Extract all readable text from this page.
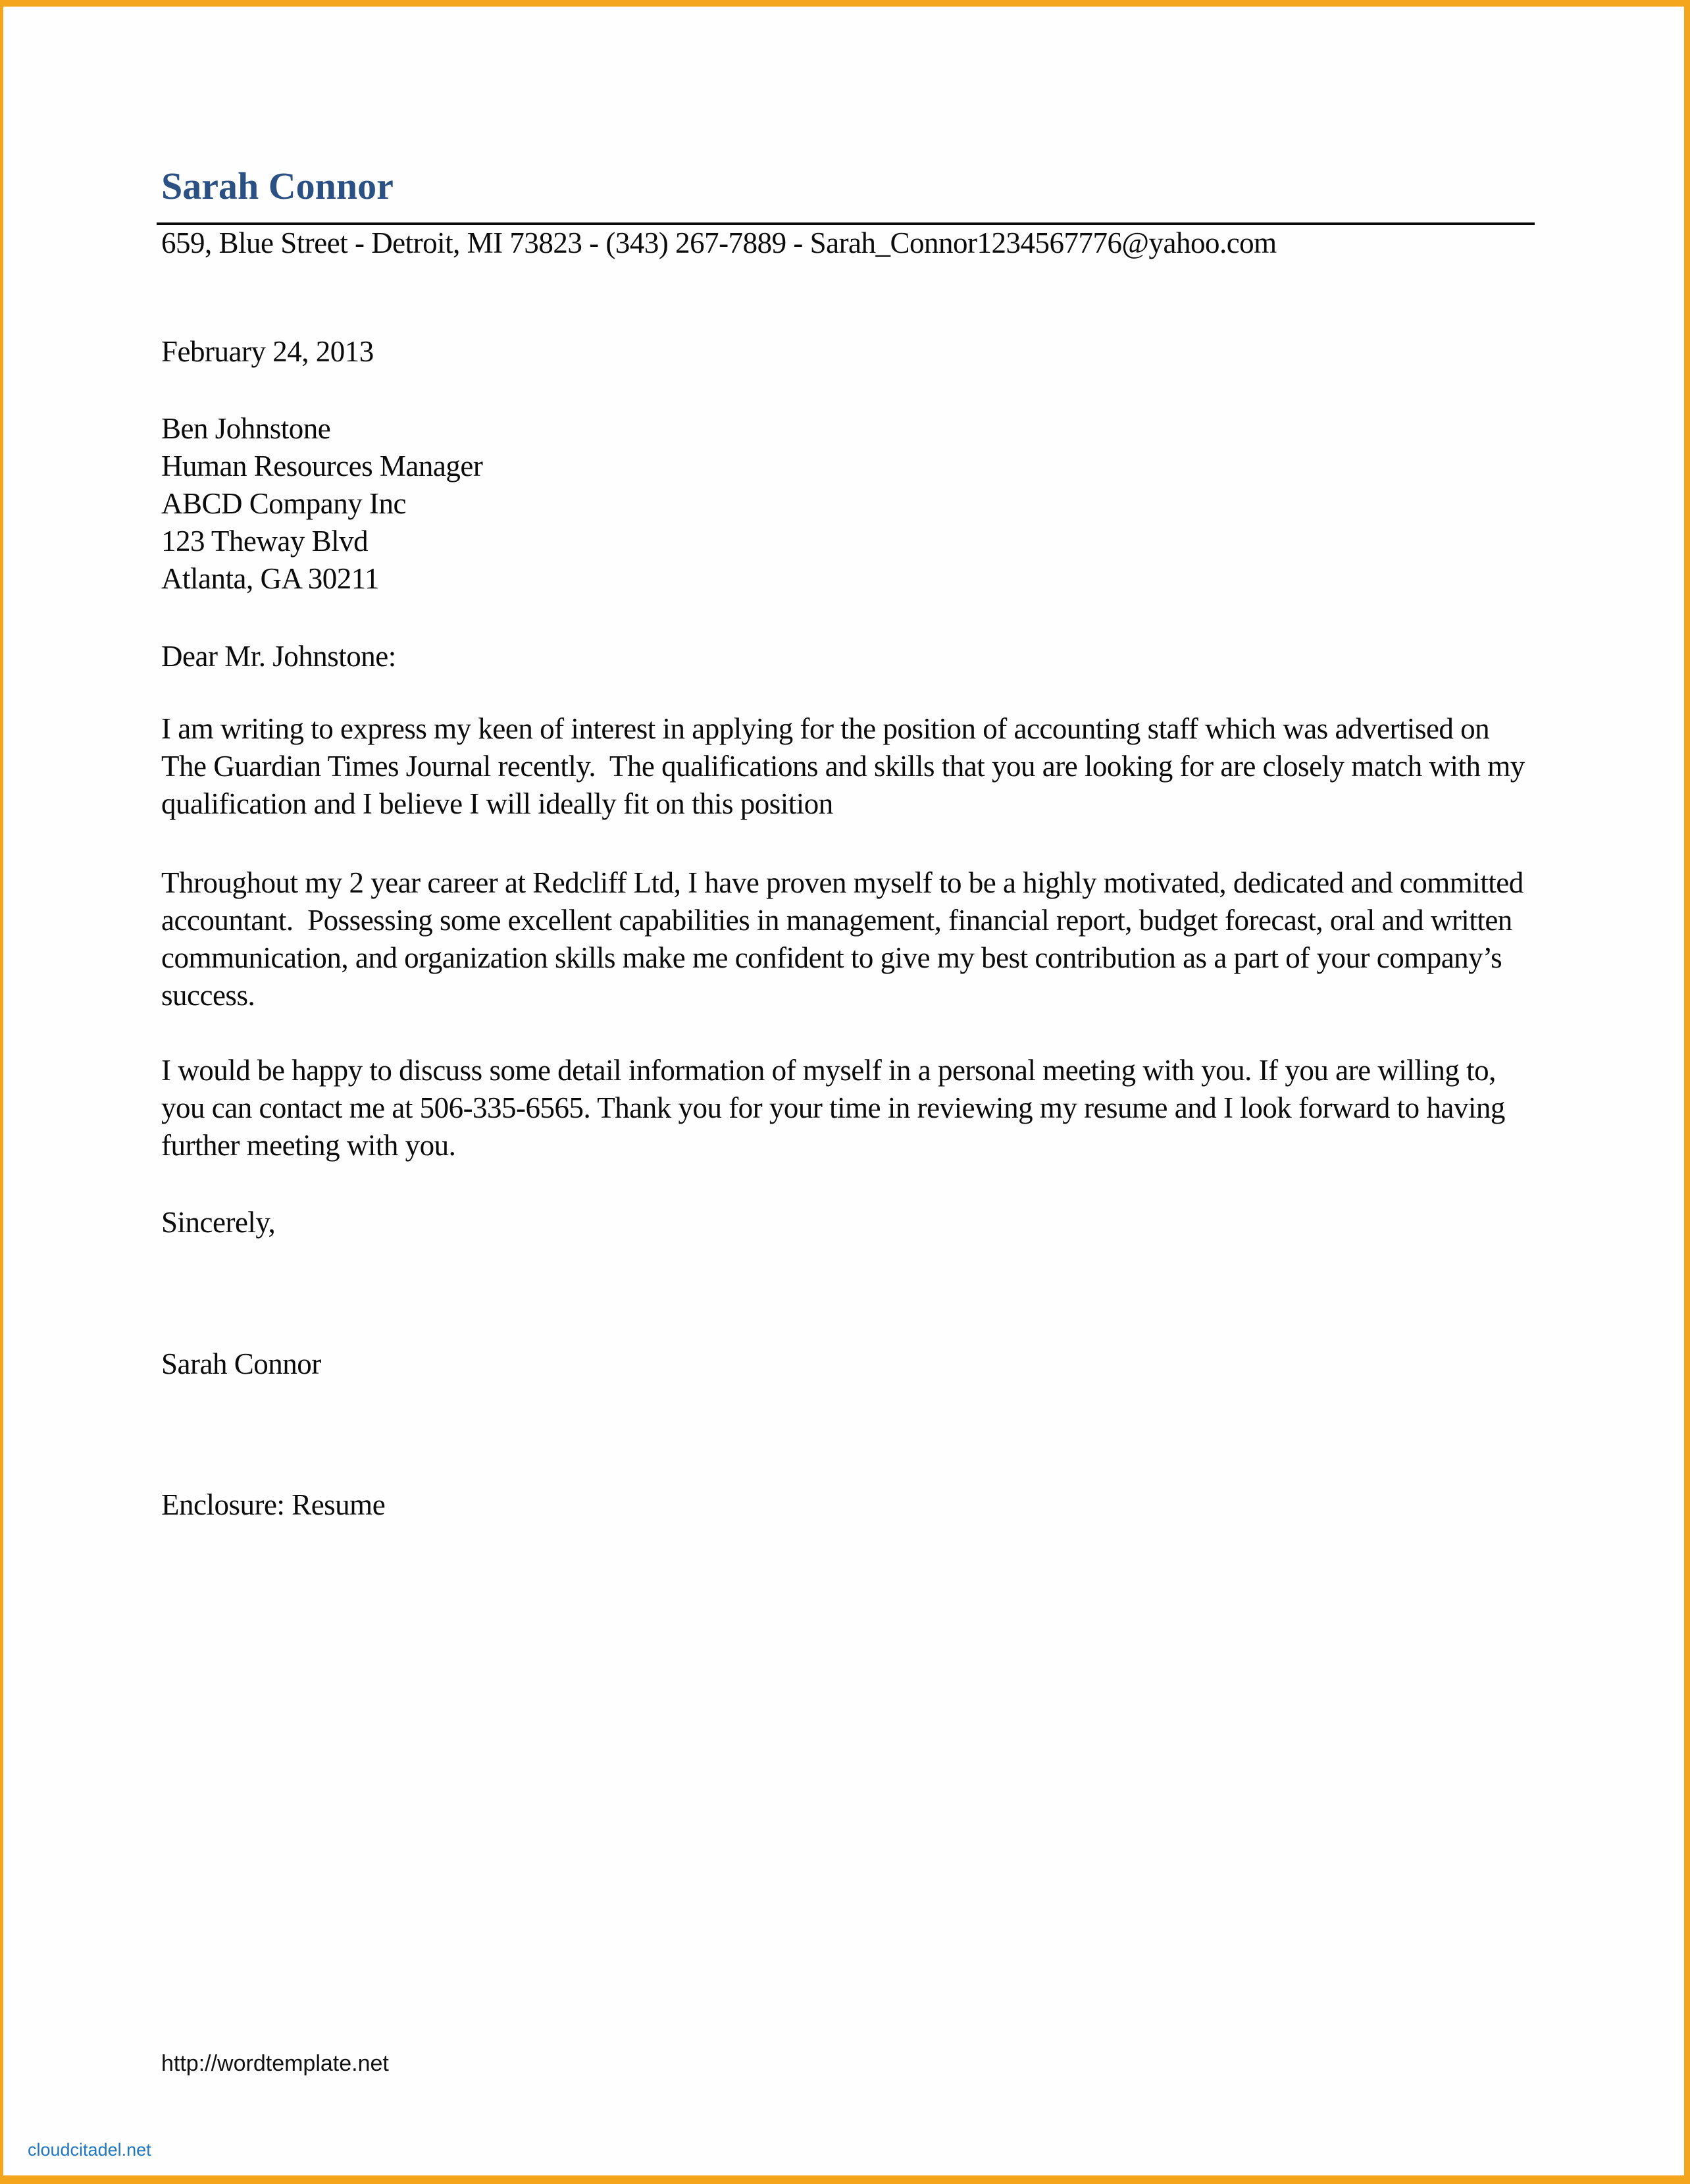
Sarah Connor
659, Blue Street - Detroit, MI 73823 - (343) 267-7889 - Sarah_Connor1234567776@yahoo.com
February 24, 2013
Ben Johnstone
Human Resources Manager
ABCD Company Inc
123 Theway Blvd
Atlanta, GA 30211
Dear Mr. Johnstone:
I am writing to express my keen of interest in applying for the position of accounting staff which was advertised on The Guardian Times Journal recently.  The qualifications and skills that you are looking for are closely match with my qualification and I believe I will ideally fit on this position
Throughout my 2 year career at Redcliff Ltd, I have proven myself to be a highly motivated, dedicated and committed accountant.  Possessing some excellent capabilities in management, financial report, budget forecast, oral and written communication, and organization skills make me confident to give my best contribution as a part of your company’s success.
I would be happy to discuss some detail information of myself in a personal meeting with you. If you are willing to, you can contact me at 506-335-6565. Thank you for your time in reviewing my resume and I look forward to having further meeting with you.
Sincerely,
Sarah Connor
Enclosure: Resume
http://wordtemplate.net
cloudcitadel.net
